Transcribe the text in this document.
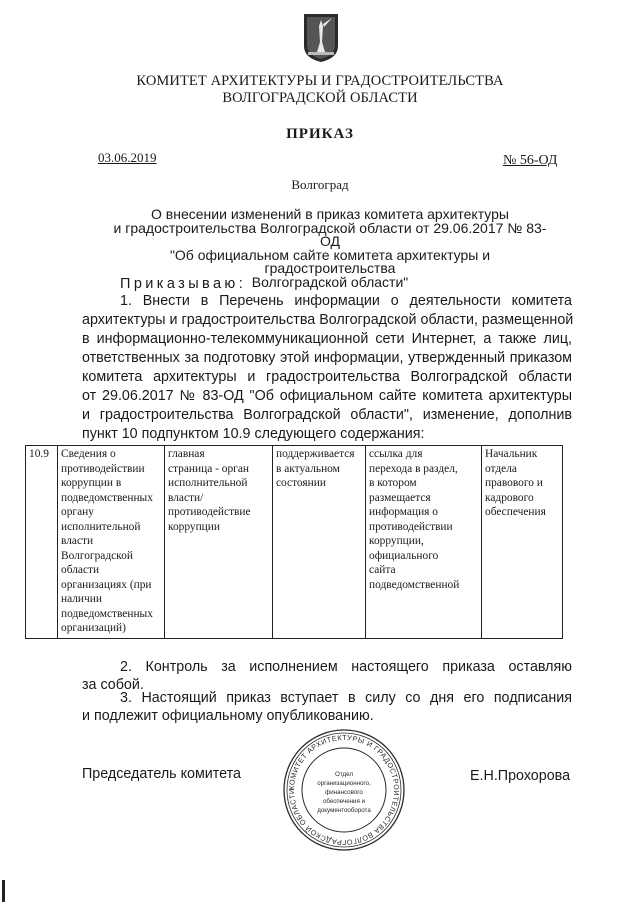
КОМИТЕТ АРХИТЕКТУРЫ И ГРАДОСТРОИТЕЛЬСТВА
ВОЛГОГРАДСКОЙ ОБЛАСТИ
ПРИКАЗ
03.06.2019	№ 56-ОД
Волгоград
О внесении изменений в приказ комитета архитектуры
и градостроительства Волгоградской области от 29.06.2017 № 83-ОД
"Об официальном сайте комитета архитектуры и градостроительства
Волгоградской области"
Приказываю:
1. Внести в Перечень информации о деятельности комитета
архитектуры и градостроительства Волгоградской области, размещенной
в информационно-телекоммуникационной сети Интернет, а также лиц,
ответственных за подготовку этой информации, утвержденный приказом
комитета архитектуры и градостроительства Волгоградской области
от 29.06.2017 № 83-ОД "Об официальном сайте комитета архитектуры
и градостроительства Волгоградской области", изменение, дополнив
пункт 10 подпунктом 10.9 следующего содержания:
10.9	Сведения о
противодействии
коррупции в
подведомственных
органу
исполнительной
власти
Волгоградской
области
организациях (при
наличии
подведомственных
организаций)

главная
страница - орган
исполнительной
власти/
противодействие
коррупции

поддерживается
в актуальном
состоянии

ссылка для
перехода в раздел,
в котором
размещается
информация о
противодействии
коррупции,
официального
сайта
подведомственной

Начальник
отдела
правового и
кадрового
обеспечения
2. Контроль за исполнением настоящего приказа оставляю
за собой.
3. Настоящий приказ вступает в силу со дня его подписания
и подлежит официальному опубликованию.
Председатель комитета	Е.Н.Прохорова
КОМИТЕТ АРХИТЕКТУРЫ И ГРАДОСТРОИТЕЛЬСТВА ВОЛГОГРАДСКОЙ ОБЛАСТИ
Отдел
организационного,
финансового
обеспечения и
документооборота
